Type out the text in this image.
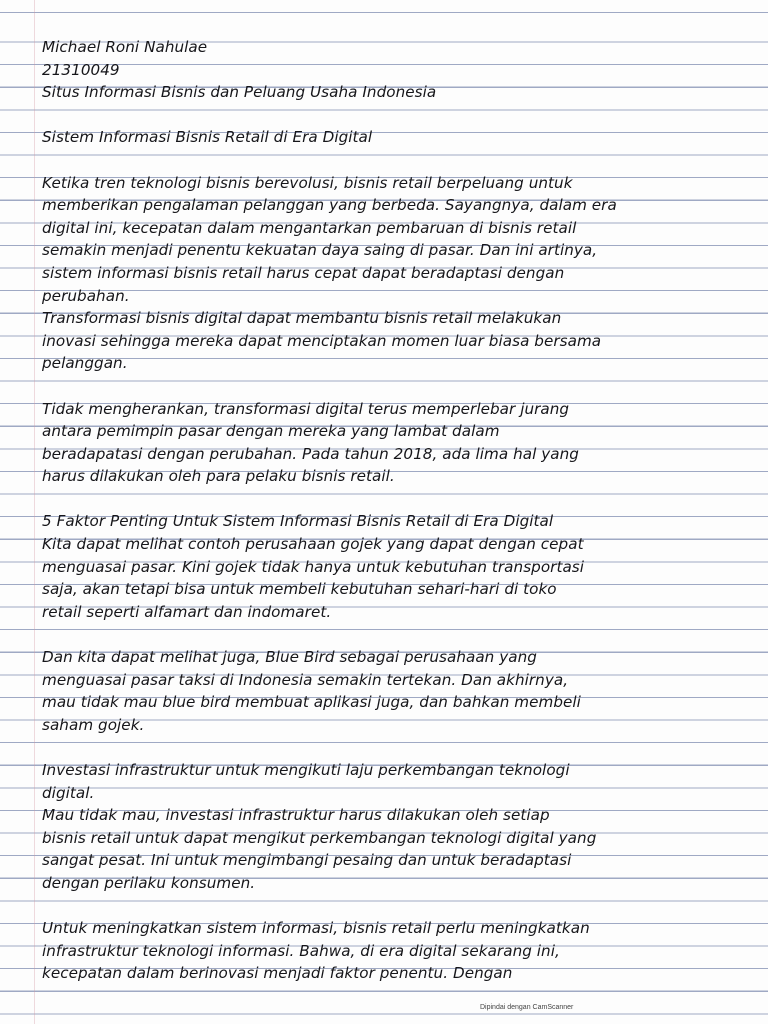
Michael Roni Nahulae
21310049
Situs Informasi Bisnis dan Peluang Usaha Indonesia
Sistem Informasi Bisnis Retail di Era Digital
Ketika tren teknologi bisnis berevolusi, bisnis retail berpeluang untuk
memberikan pengalaman pelanggan yang berbeda. Sayangnya, dalam era
digital ini, kecepatan dalam mengantarkan pembaruan di bisnis retail
semakin menjadi penentu kekuatan daya saing di pasar. Dan ini artinya,
sistem informasi bisnis retail harus cepat dapat beradaptasi dengan
perubahan.
Transformasi bisnis digital dapat membantu bisnis retail melakukan
inovasi sehingga mereka dapat menciptakan momen luar biasa bersama
pelanggan.
Tidak mengherankan, transformasi digital terus memperlebar jurang
antara pemimpin pasar dengan mereka yang lambat dalam
beradapatasi dengan perubahan. Pada tahun 2018, ada lima hal yang
harus dilakukan oleh para pelaku bisnis retail.
5 Faktor Penting Untuk Sistem Informasi Bisnis Retail di Era Digital
Kita dapat melihat contoh perusahaan gojek yang dapat dengan cepat
menguasai pasar. Kini gojek tidak hanya untuk kebutuhan transportasi
saja, akan tetapi bisa untuk membeli kebutuhan sehari-hari di toko
retail seperti alfamart dan indomaret.
Dan kita dapat melihat juga, Blue Bird sebagai perusahaan yang
menguasai pasar taksi di Indonesia semakin tertekan. Dan akhirnya,
mau tidak mau blue bird membuat aplikasi juga, dan bahkan membeli
saham gojek.
Investasi infrastruktur untuk mengikuti laju perkembangan teknologi
digital.
Mau tidak mau, investasi infrastruktur harus dilakukan oleh setiap
bisnis retail untuk dapat mengikut perkembangan teknologi digital yang
sangat pesat. Ini untuk mengimbangi pesaing dan untuk beradaptasi
dengan perilaku konsumen.
Untuk meningkatkan sistem informasi, bisnis retail perlu meningkatkan
infrastruktur teknologi informasi. Bahwa, di era digital sekarang ini,
kecepatan dalam berinovasi menjadi faktor penentu. Dengan
Dipindai dengan CamScanner
